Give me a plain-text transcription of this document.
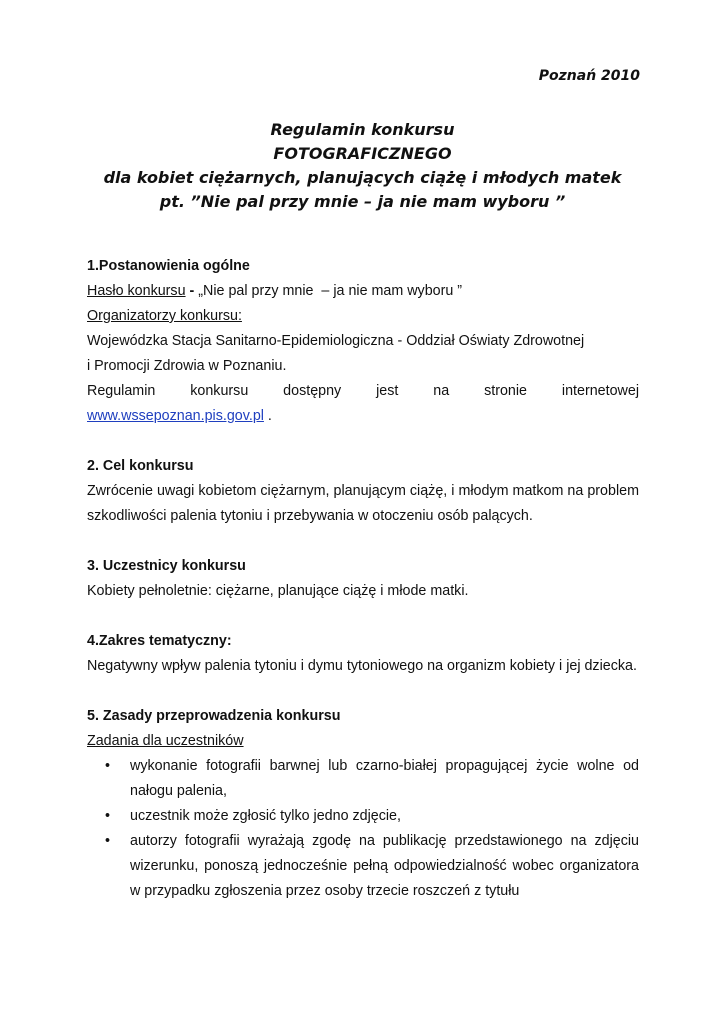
Poznań 2010
Regulamin konkursu
FOTOGRAFICZNEGO
dla kobiet ciężarnych, planujących ciążę i młodych matek
pt. ”Nie pal przy mnie – ja nie mam wyboru ”
1.Postanowienia ogólne
Hasło konkursu - „Nie pal przy mnie  – ja nie mam wyboru ”
Organizatorzy konkursu:
Wojewódzka Stacja Sanitarno-Epidemiologiczna - Oddział Oświaty Zdrowotnej
i Promocji Zdrowia w Poznaniu.
Regulamin konkursu dostępny jest na stronie internetowej
www.wssepoznan.pis.gov.pl .
2. Cel konkursu
Zwrócenie uwagi kobietom ciężarnym, planującym ciążę, i młodym matkom na problem szkodliwości palenia tytoniu i przebywania w otoczeniu osób palących.
3. Uczestnicy konkursu
Kobiety pełnoletnie: ciężarne, planujące ciążę i młode matki.
4.Zakres tematyczny:
Negatywny wpływ palenia tytoniu i dymu tytoniowego na organizm kobiety i jej dziecka.
5. Zasady przeprowadzenia konkursu
Zadania dla uczestników
• wykonanie fotografii barwnej lub czarno-białej propagującej życie wolne od nałogu palenia,
• uczestnik może zgłosić tylko jedno zdjęcie,
• autorzy fotografii wyrażają zgodę na publikację przedstawionego na zdjęciu wizerunku, ponoszą jednocześnie pełną odpowiedzialność wobec organizatora w przypadku zgłoszenia przez osoby trzecie roszczeń z tytułu
